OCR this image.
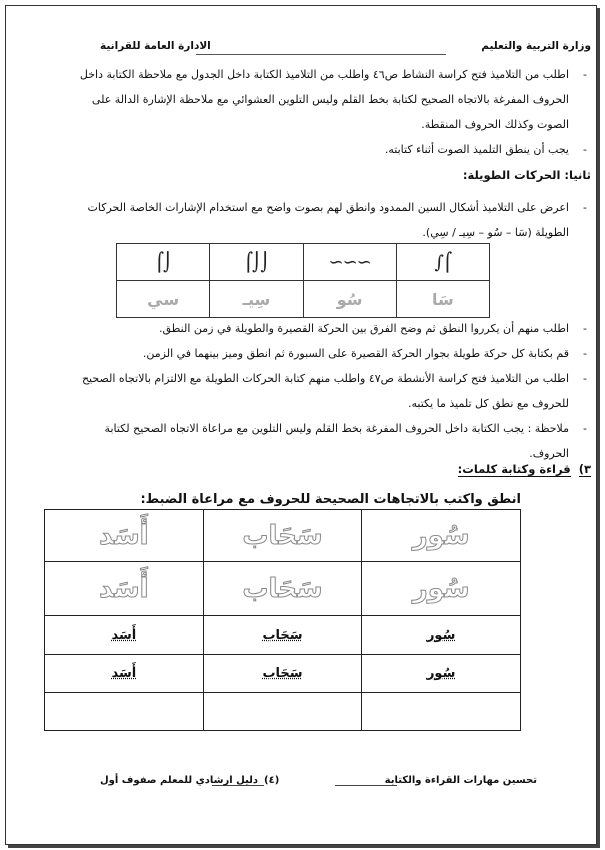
وزارة التربية والتعليم
الادارة العامة للقرانية
- اطلب من التلاميذ فتح كراسة النشاط ص٤٦ واطلب من التلاميذ الكتابة داخل الجدول مع ملاحظة الكتابة داخل الحروف المفرغة بالاتجاه الصحيح لكتابة بخط القلم وليس التلوين العشوائي مع ملاحظة الإشارة الدالة على الصوت وكذلك الحروف المنقطة.
- يجب أن ينطق التلميذ الصوت أثناء كتابته.
ثانيا: الحركات الطويلة:
- اعرض على التلاميذ أشكال السين الممدود وانطق لهم بصوت واضح مع استخدام الإشارات الخاصة الحركات الطويلة (سَا – سُو – سِيـ / سِي).
⌠⌡	⌠⌡⌡	∽∽∽	∫⌠
سي	سِيـ	سُو	سَا
- اطلب منهم أن يكرروا النطق ثم وضح الفرق بين الحركة القصيرة والطويلة في زمن النطق.
- قم بكتابة كل حركة طويلة بجوار الحركة القصيرة على السبورة ثم انطق وميز بينهما في الزمن.
- اطلب من التلاميذ فتح كراسة الأنشطة ص٤٧ واطلب منهم كتابة الحركات الطويلة مع الالتزام بالاتجاه الصحيح للحروف مع نطق كل تلميذ ما يكتبه.
- ملاحظة : يجب الكتابة داخل الحروف المفرغة بخط القلم وليس التلوين مع مراعاة الاتجاه الصحيح لكتابة الحروف.
٣)  قراءة وكتابة كلمات:
انطق واكتب بالاتجاهات الصحيحة للحروف مع مراعاة الضبط:
سُور	سَحَاب	أَسَد
سُور	سَحَاب	أَسَد
سُور	سَحَاب	أَسَد
سُور	سَحَاب	أَسَد

تحسين مهارات القراءة والكتابة
(٤)
دليل ارشادي للمعلم صفوف أول
